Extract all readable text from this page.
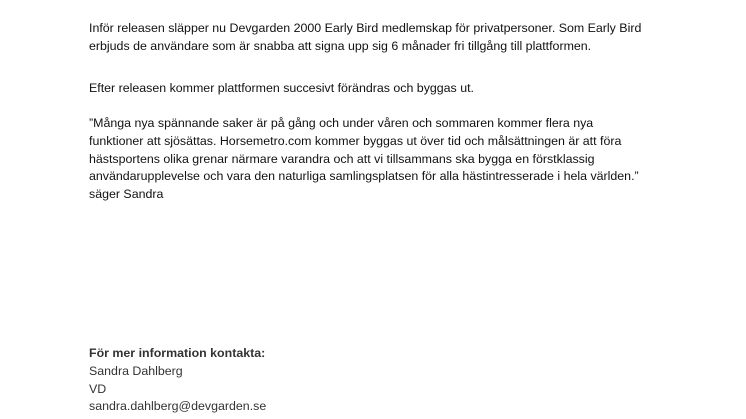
Inför releasen släpper nu Devgarden 2000 Early Bird medlemskap för privatpersoner. Som Early Bird
erbjuds de användare som är snabba att signa upp sig 6 månader fri tillgång till plattformen.

Efter releasen kommer plattformen succesivt förändras och byggas ut.

”Många nya spännande saker är på gång och under våren och sommaren kommer flera nya
funktioner att sjösättas. Horsemetro.com kommer byggas ut över tid och målsättningen är att föra
hästsportens olika grenar närmare varandra och att vi tillsammans ska bygga en förstklassig
användarupplevelse och vara den naturliga samlingsplatsen för alla hästintresserade i hela världen.”
säger Sandra

För mer information kontakta:
Sandra Dahlberg
VD
sandra.dahlberg@devgarden.se
